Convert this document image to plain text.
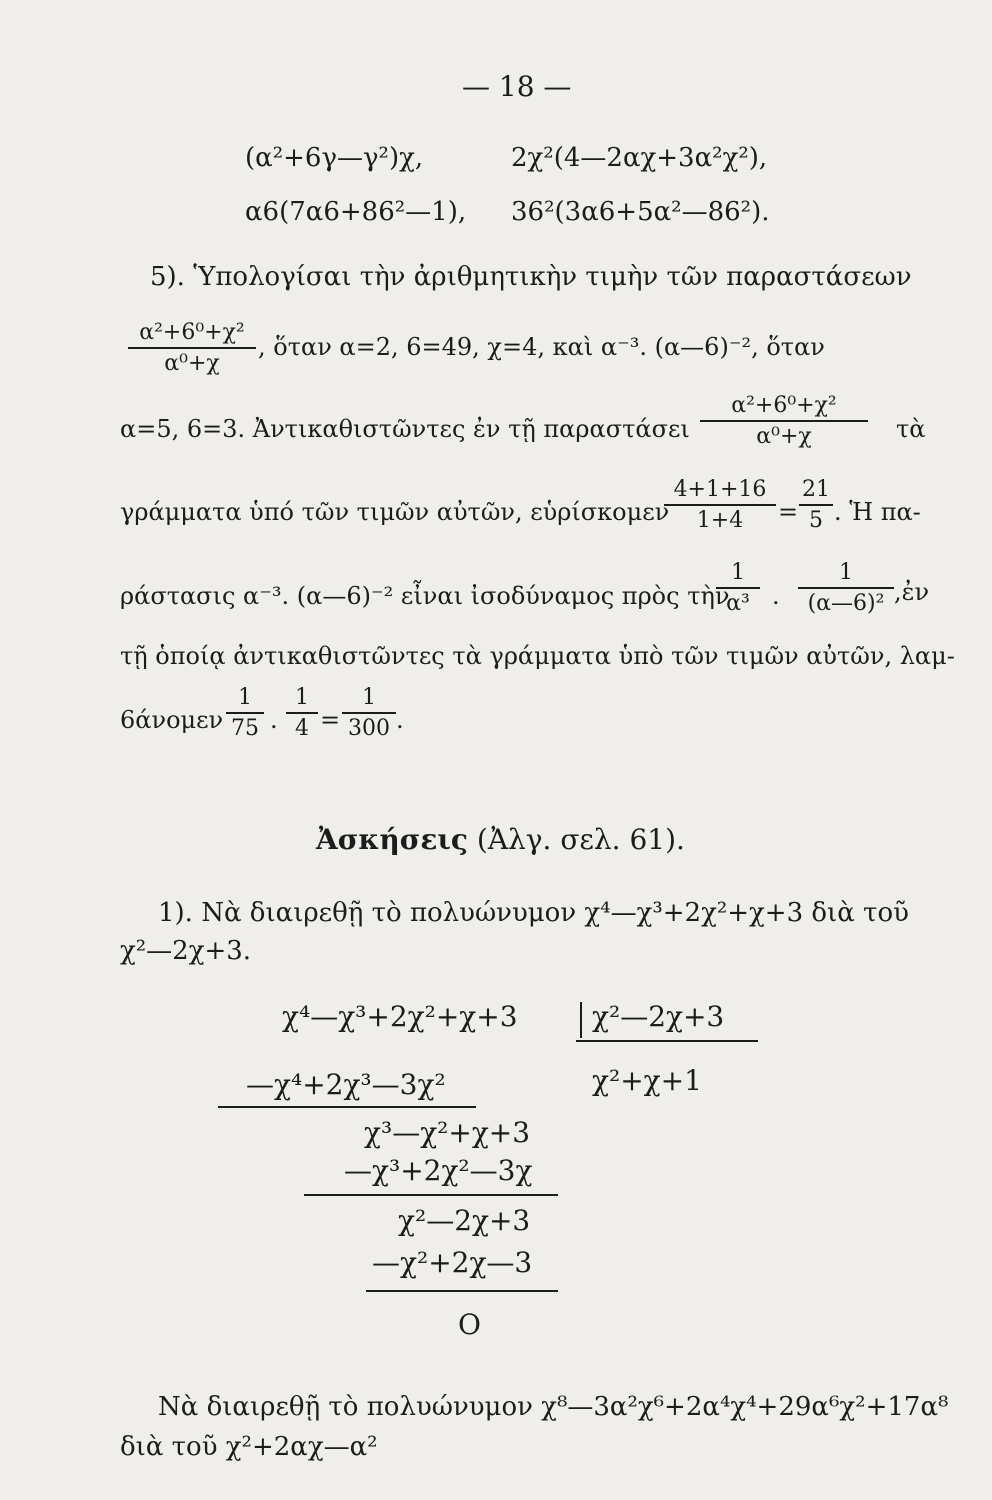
— 18 —
(α²+6γ—γ²)χ,	2χ²(4—2αχ+3α²χ²),
α6(7α6+86²—1), 36²(3α6+5α²—86²).
5). Ὑπολογίσαι τὴν ἀριθμητικὴν τιμὴν τῶν παραστάσεων
$\frac{\text{α²+6⁰+χ²}}{\text{α⁰+χ}}$ , ὅταν α=2, 6=49, χ=4, καὶ α⁻³. (α—6)⁻², ὅταν
α=5, 6=3. Ἀντικαθιστῶντες ἐν τῇ παραστάσει $\frac{\text{α²+6⁰+χ²}}{\text{α⁰+χ}}$ τὰ
γράμματα ὑπό τῶν τιμῶν αὐτῶν, εὑρίσκομεν
$\frac{4+1+16}{1+4} = \frac{21}{5}$ . Ἡ πα-
ράστασις α⁻³. (α—6)⁻² εἶναι ἰσοδύναμος πρὸς τὴν
$\frac{1}{\text{α³}}$ . $\frac{1}{\text{(α—6)²}}$ ,ἐν
τῇ ὁποίᾳ ἀντικαθιστῶντες τὰ γράμματα ὑπὸ τῶν τιμῶν αὐτῶν, λαμ-
$6ά\nu o\mu\varepsilon\nu \frac{1}{75}$ . $\frac{1}{4} = \frac{1}{300}$ .
Ἀσκήσεις (Ἀλγ. σελ. 61).
1). Νὰ διαιρεθῇ τὸ πολυώνυμον χ⁴—χ³+2χ²+χ+3 διὰ τοῦ
χ²—2χ+3.
χ⁴—χ³+2χ²+χ+3	χ²—2χ+3
χ²+χ+1
—χ⁴+2χ³—3χ²
χ³—χ²+χ+3
—χ³+2χ²—3χ
χ²—2χ+3
—χ²+2χ—3
O
Νὰ διαιρεθῇ τὸ πολυώνυμον χ⁸—3α²χ⁶+2α⁴χ⁴+29α⁶χ²+17α⁸
διὰ τοῦ χ²+2αχ—α²
